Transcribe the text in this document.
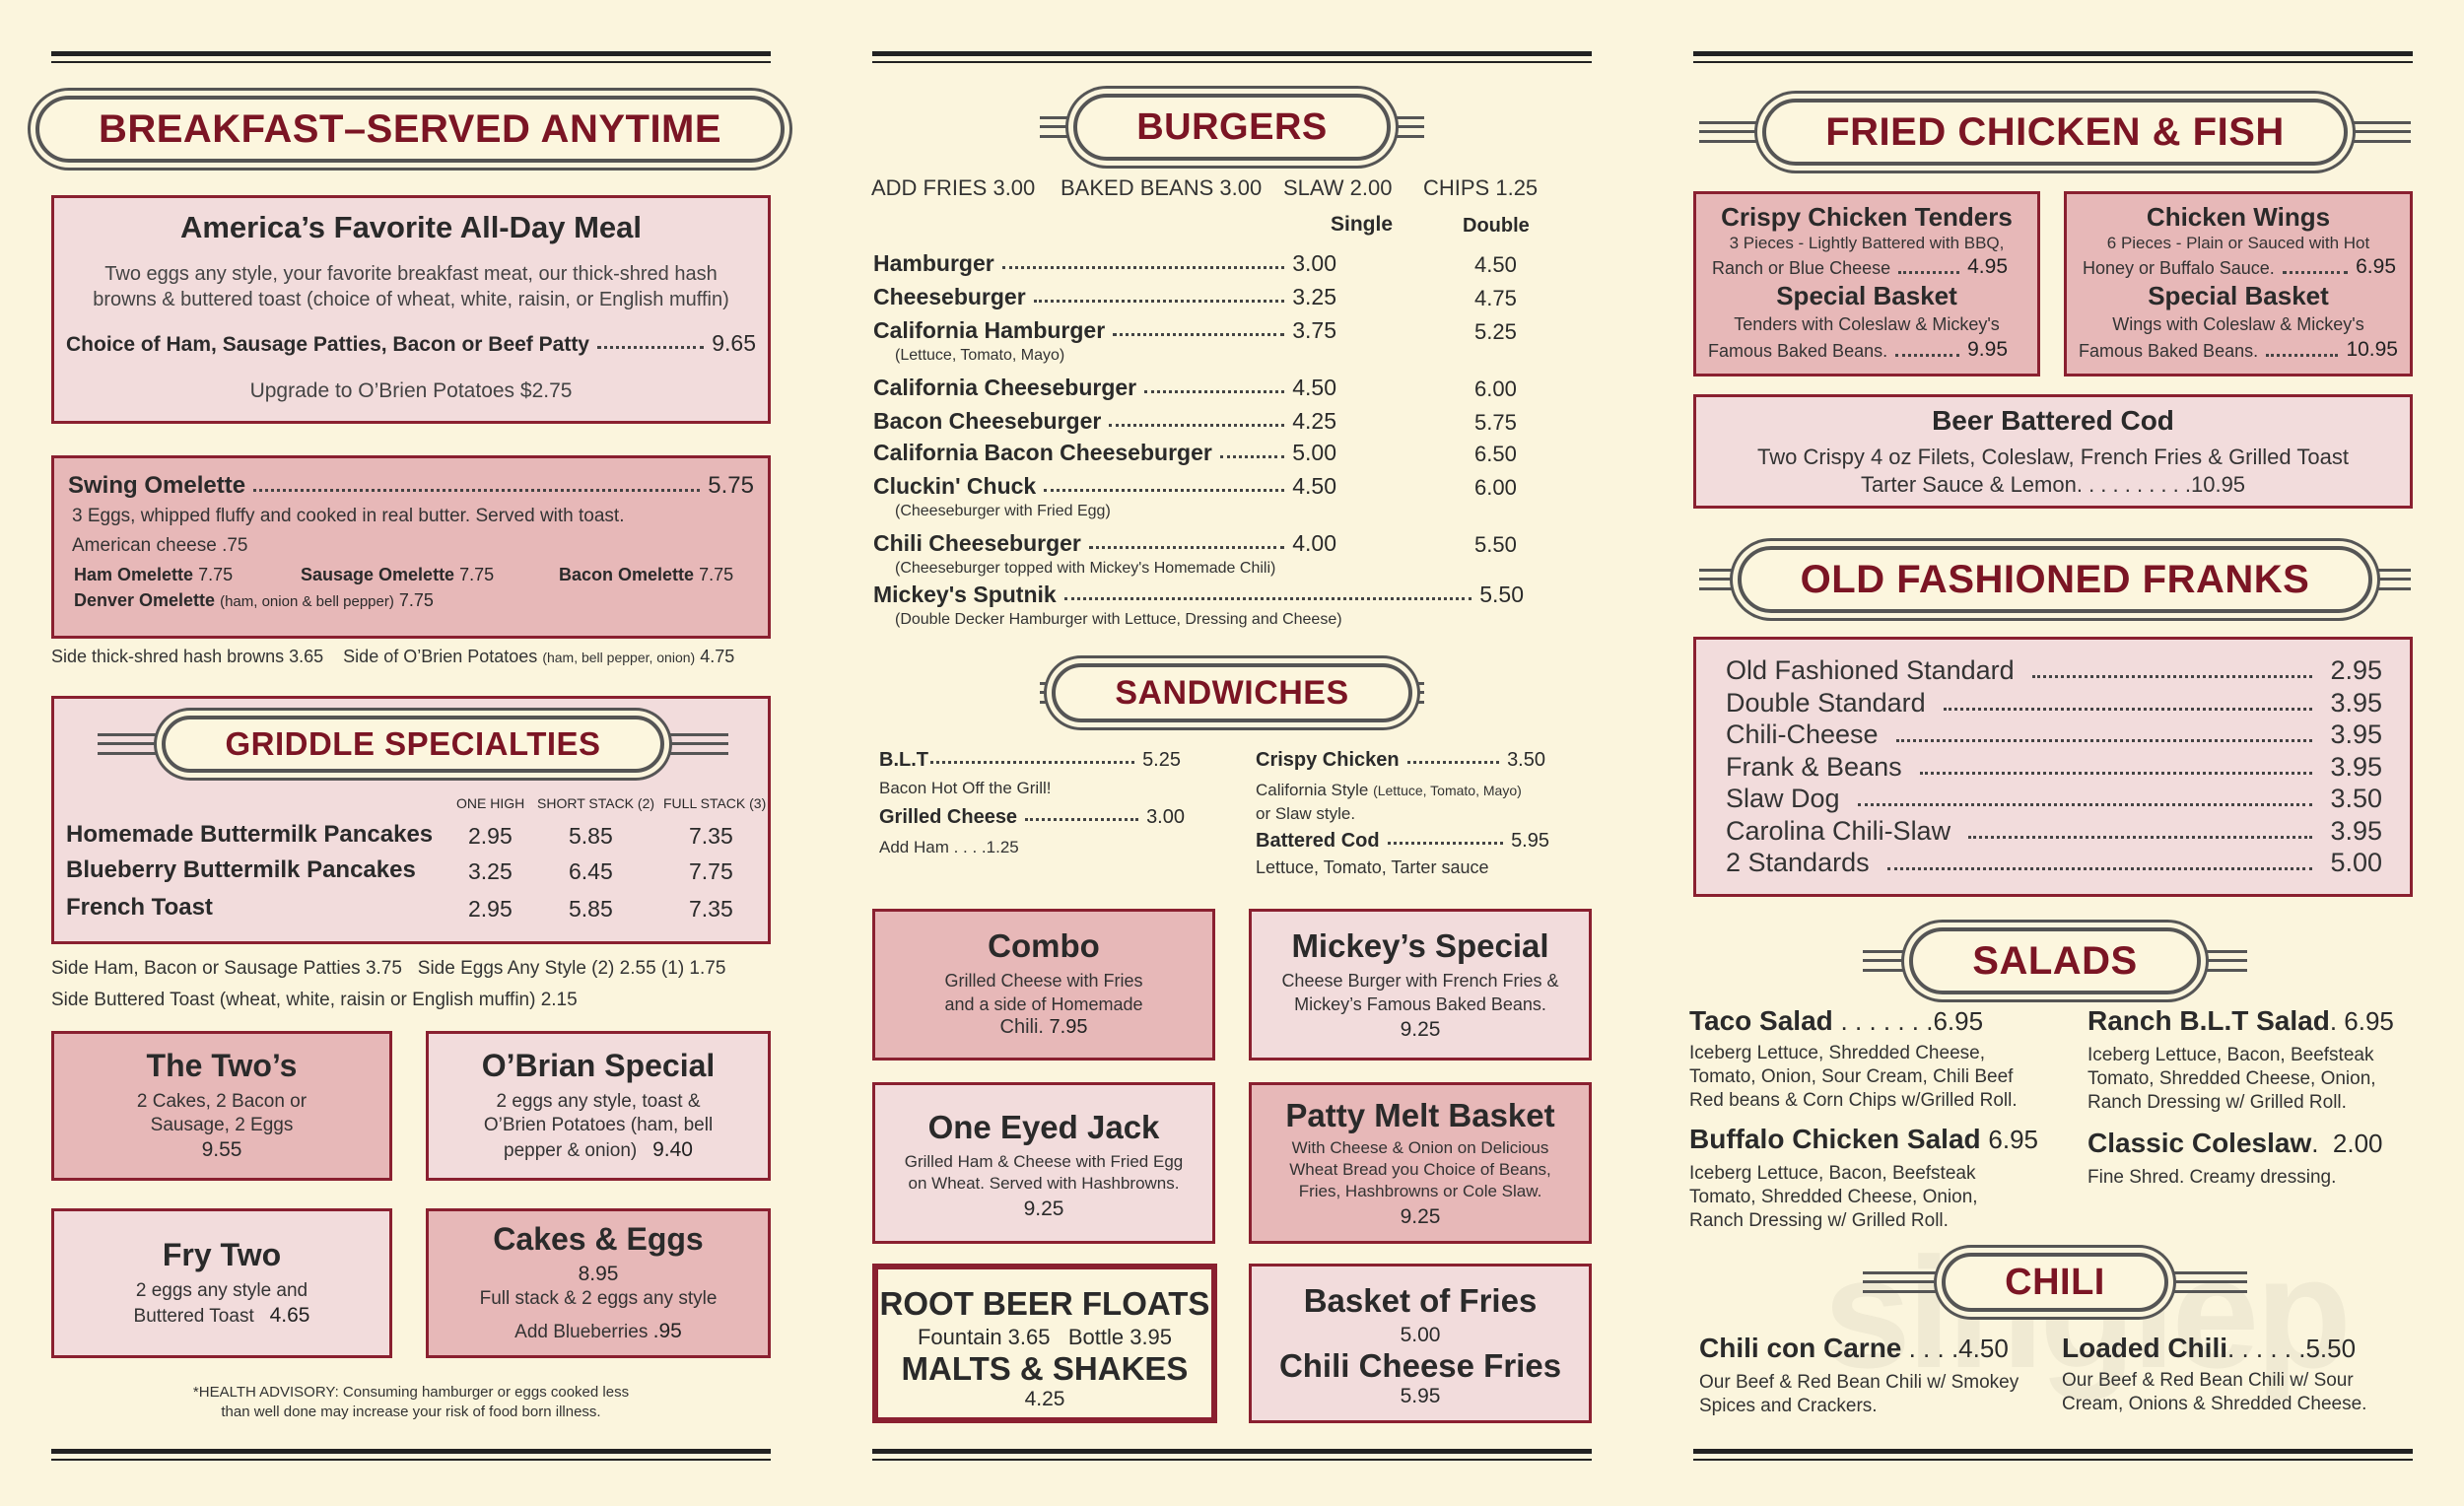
BREAKFAST–SERVED ANYTIME
America’s Favorite All-Day Meal
Two eggs any style, your favorite breakfast meat, our thick-shred hash
browns & buttered toast (choice of wheat, white, raisin, or English muffin)
Choice of Ham, Sausage Patties, Bacon or Beef Patty	9.65
Upgrade to O’Brien Potatoes $2.75
Swing Omelette	5.75
3 Eggs, whipped fluffy and cooked in real butter. Served with toast.
American cheese .75
Ham Omelette 7.75	Sausage Omelette 7.75	Bacon Omelette 7.75
Denver Omelette (ham, onion & bell pepper) 7.75
Side thick-shred hash browns 3.65 Side of O’Brien Potatoes (ham, bell pepper, onion) 4.75
GRIDDLE SPECIALTIES
ONE HIGH SHORT STACK (2) FULL STACK (3)
Homemade Buttermilk Pancakes 2.95 5.85	7.35
Blueberry Buttermilk Pancakes 3.25 6.45	7.75
French Toast	2.95 5.85	7.35
Side Ham, Bacon or Sausage Patties 3.75 Side Eggs Any Style (2) 2.55 (1) 1.75
Side Buttered Toast (wheat, white, raisin or English muffin) 2.15
The Two’s
2 Cakes, 2 Bacon or
Sausage, 2 Eggs
9.55
O’Brian Special
2 eggs any style, toast &
O’Brien Potatoes (ham, bell
pepper & onion) 9.40
Fry Two
2 eggs any style and
Buttered Toast 4.65
Cakes & Eggs
8.95
Full stack & 2 eggs any style
Add Blueberries .95
*HEALTH ADVISORY: Consuming hamburger or eggs cooked less
than well done may increase your risk of food born illness.
BURGERS
ADD FRIES 3.00 BAKED BEANS 3.00 SLAW 2.00 CHIPS 1.25
Single	Double
Hamburger	3.00	4.50
Cheeseburger	3.25	4.75
California Hamburger	3.75	5.25
(Lettuce, Tomato, Mayo)
California Cheeseburger	4.50	6.00
Bacon Cheeseburger	4.25	5.75
California Bacon Cheeseburger	5.00	6.50
Cluckin' Chuck	4.50	6.00
(Cheeseburger with Fried Egg)
Chili Cheeseburger	4.00	5.50
(Cheeseburger topped with Mickey's Homemade Chili)
Mickey's Sputnik	5.50
(Double Decker Hamburger with Lettuce, Dressing and Cheese)
SANDWICHES
B.L.T	5.25
Bacon Hot Off the Grill!
Grilled Cheese	3.00
Add Ham . . . .1.25
Crispy Chicken	3.50
California Style (Lettuce, Tomato, Mayo)
or Slaw style.
Battered Cod	5.95
Lettuce, Tomato, Tarter sauce
Combo
Grilled Cheese with Fries
and a side of Homemade
Chili. 7.95
Mickey’s Special
Cheese Burger with French Fries &
Mickey’s Famous Baked Beans.
9.25
One Eyed Jack
Grilled Ham & Cheese with Fried Egg
on Wheat. Served with Hashbrowns.
9.25
Patty Melt Basket
With Cheese & Onion on Delicious
Wheat Bread you Choice of Beans,
Fries, Hashbrowns or Cole Slaw.
9.25
ROOT BEER FLOATS
Fountain 3.65 Bottle 3.95
MALTS & SHAKES
4.25
Basket of Fries
5.00
Chili Cheese Fries
5.95
FRIED CHICKEN & FISH
Crispy Chicken Tenders
3 Pieces - Lightly Battered with BBQ,
Ranch or Blue Cheese	4.95
Special Basket
Tenders with Coleslaw & Mickey's
Famous Baked Beans.	9.95
Chicken Wings
6 Pieces - Plain or Sauced with Hot
Honey or Buffalo Sauce.	6.95
Special Basket
Wings with Coleslaw & Mickey's
Famous Baked Beans.	10.95
Beer Battered Cod
Two Crispy 4 oz Filets, Coleslaw, French Fries & Grilled Toast
Tarter Sauce & Lemon. . . . . . . . . .10.95
OLD FASHIONED FRANKS
Old Fashioned Standard	2.95
Double Standard	3.95
Chili-Cheese	3.95
Frank & Beans	3.95
Slaw Dog	3.50
Carolina Chili-Slaw	3.95
2 Standards	5.00
SALADS
Taco Salad . . . . . . .6.95
Iceberg Lettuce, Shredded Cheese,
Tomato, Onion, Sour Cream, Chili Beef
Red beans & Corn Chips w/Grilled Roll.
Ranch B.L.T Salad. 6.95
Iceberg Lettuce, Bacon, Beefsteak
Tomato, Shredded Cheese, Onion,
Ranch Dressing w/ Grilled Roll.
Buffalo Chicken Salad 6.95
Iceberg Lettuce, Bacon, Beefsteak
Tomato, Shredded Cheese, Onion,
Ranch Dressing w/ Grilled Roll.
Classic Coleslaw.  2.00
Fine Shred. Creamy dressing.
CHILI
Chili con Carne . . . .4.50
Our Beef & Red Bean Chili w/ Smokey
Spices and Crackers.
Loaded Chili. . . . . .5.50
Our Beef & Red Bean Chili w/ Sour
Cream, Onions & Shredded Cheese.
